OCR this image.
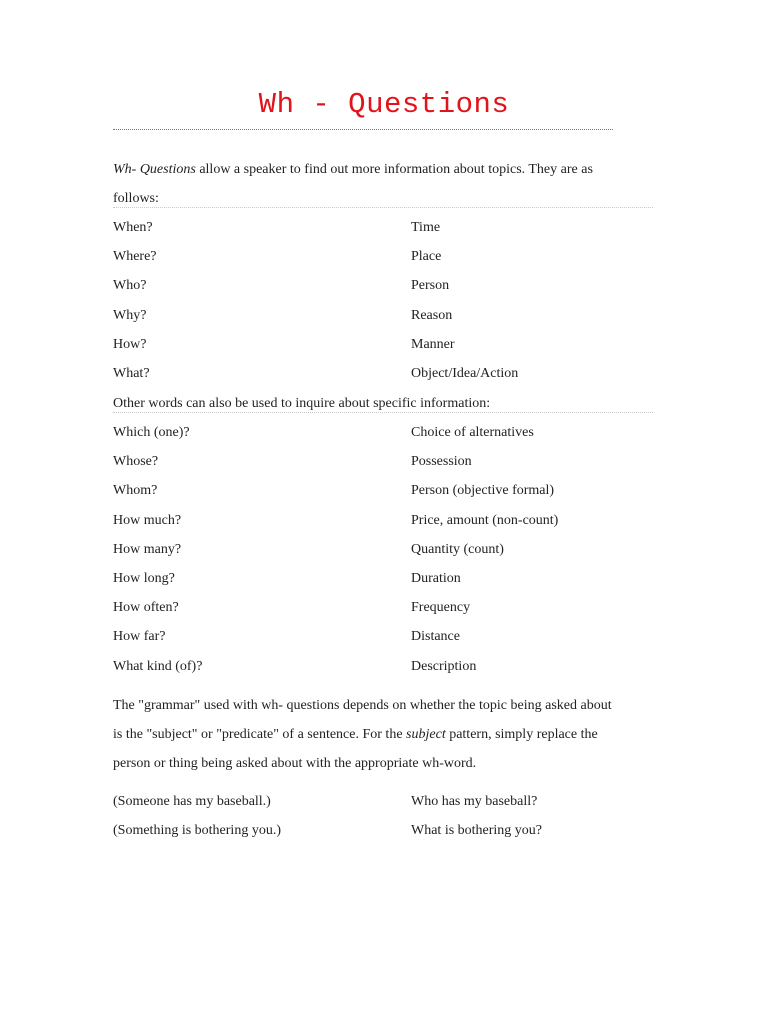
Wh - Questions
Wh- Questions allow a speaker to find out more information about topics. They are as
follows:
When?	Time
Where?	Place
Who?	Person
Why?	Reason
How?	Manner
What?	Object/Idea/Action
Other words can also be used to inquire about specific information:
Which (one)?	Choice of alternatives
Whose?	Possession
Whom?	Person (objective formal)
How much?	Price, amount (non-count)
How many?	Quantity (count)
How long?	Duration
How often?	Frequency
How far?	Distance
What kind (of)?	Description
The "grammar" used with wh- questions depends on whether the topic being asked about
is the "subject" or "predicate" of a sentence. For the subject pattern, simply replace the
person or thing being asked about with the appropriate wh-word.
(Someone has my baseball.)	Who has my baseball?
(Something is bothering you.)	What is bothering you?
